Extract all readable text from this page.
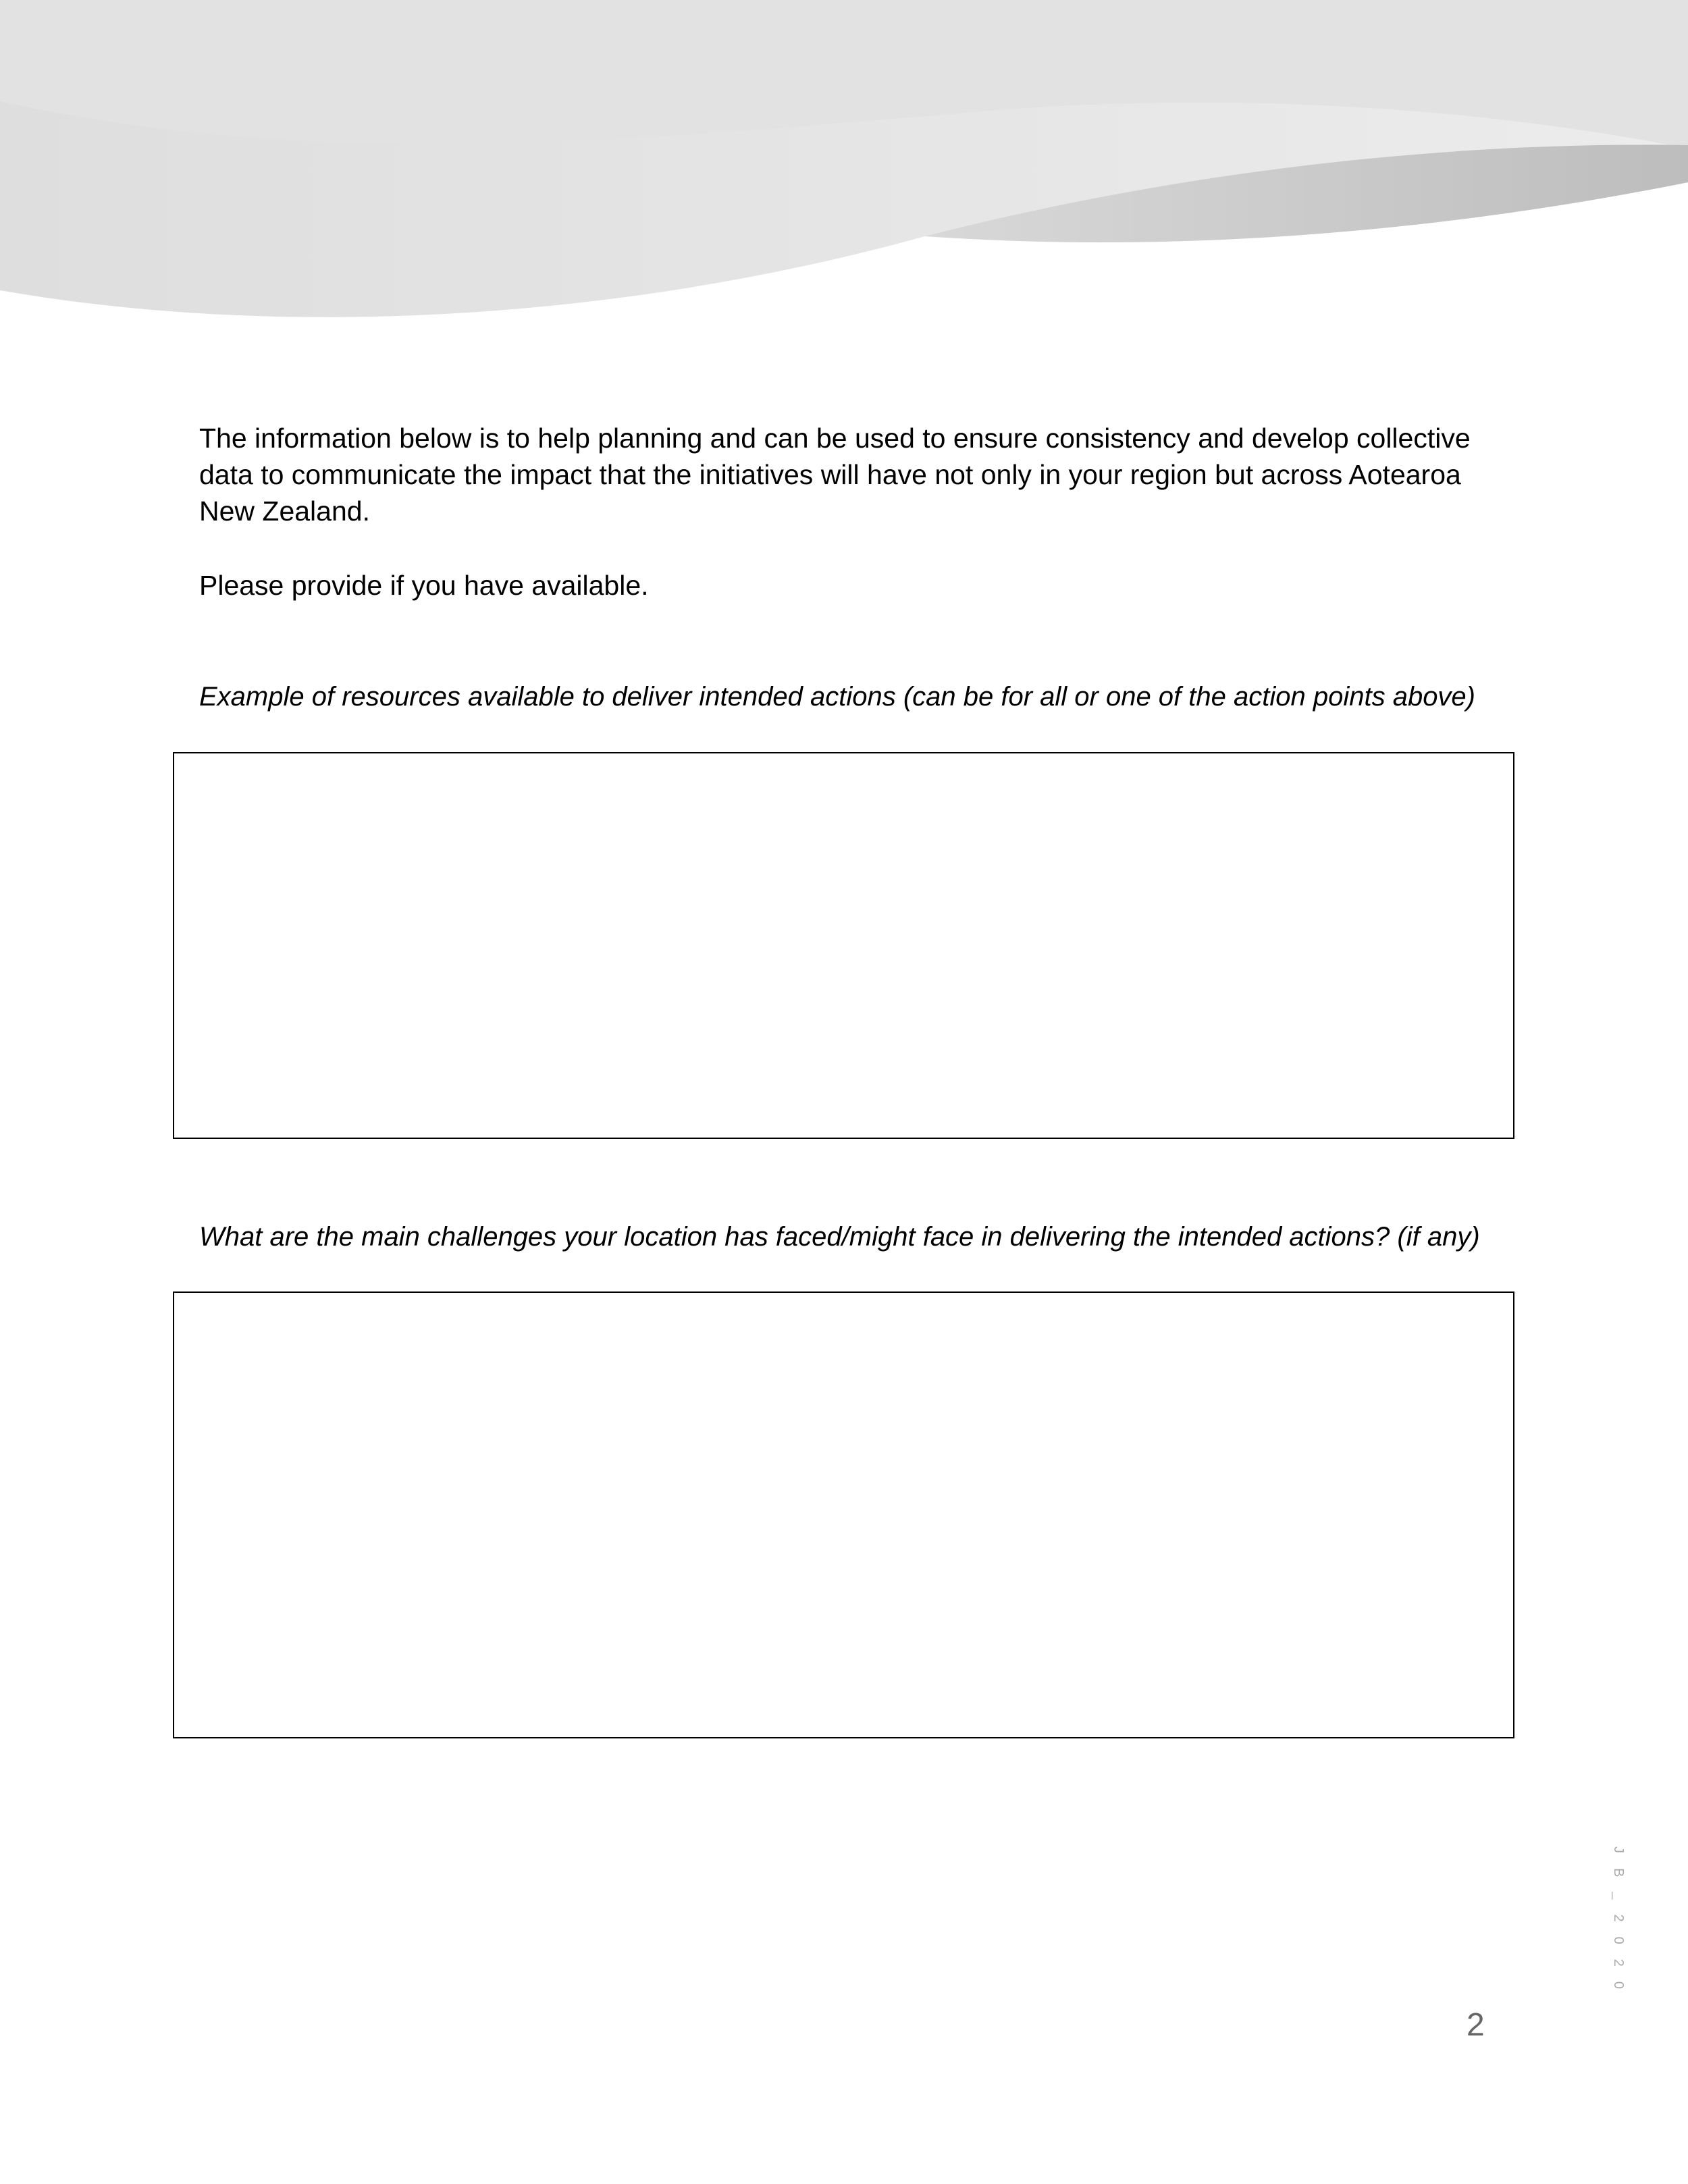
The information below is to help planning and can be used to ensure consistency and develop collective data to communicate the impact that the initiatives will have not only in your region but across Aotearoa New Zealand.

Please provide if you have available.

Example of resources available to deliver intended actions (can be for all or one of the action points above)

What are the main challenges your location has faced/might face in delivering the intended actions? (if any)

JB_2020
2
